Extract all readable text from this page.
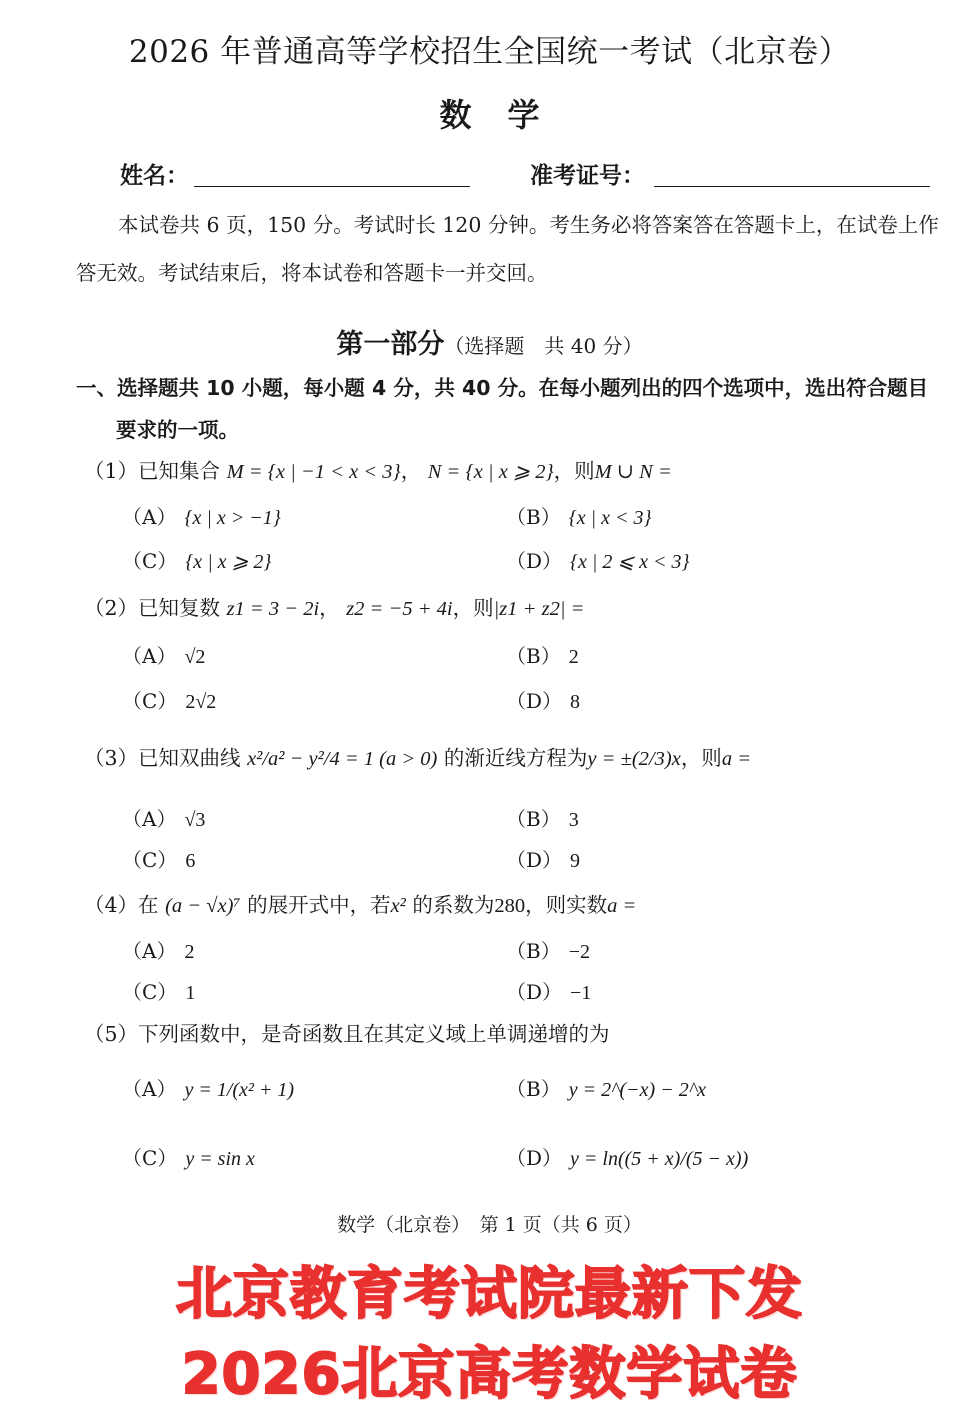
2026 年普通高等学校招生全国统一考试（北京卷）
数学
姓名：	准考证号：
本试卷共 6 页，150 分。考试时长 120 分钟。考生务必将答案答在答题卡上，在试卷上作
答无效。考试结束后，将本试卷和答题卡一并交回。
第一部分（选择题　共 40 分）
一、选择题共 10 小题，每小题 4 分，共 40 分。在每小题列出的四个选项中，选出符合题目
要求的一项。
（1）已知集合 M = {x | −1 < x < 3}， N = {x | x ⩾ 2}，则M ∪ N =
（A） {x | x > −1}	（B） {x | x < 3}
（C） {x | x ⩾ 2}	（D） {x | 2 ⩽ x < 3}
（2）已知复数 z1 = 3 − 2i， z2 = −5 + 4i，则|z1 + z2| =
（A） √2	（B） 2
（C） 2√2	（D） 8
（3）已知双曲线 x²/a² − y²/4 = 1 (a > 0) 的渐近线方程为y = ±(2/3)x，则a =
（A） √3	（B） 3
（C） 6	（D） 9
（4）在 (a − √x)⁷ 的展开式中，若x² 的系数为280，则实数a =
（A） 2	（B） −2
（C） 1	（D） −1
（5）下列函数中，是奇函数且在其定义域上单调递增的为
（A） y = 1/(x² + 1)	（B） y = 2^(−x) − 2^x
（C） y = sin x	（D） y = ln((5 + x)/(5 − x))
数学（北京卷）　第 1 页（共 6 页）
北京教育考试院最新下发
2026北京高考数学试卷
